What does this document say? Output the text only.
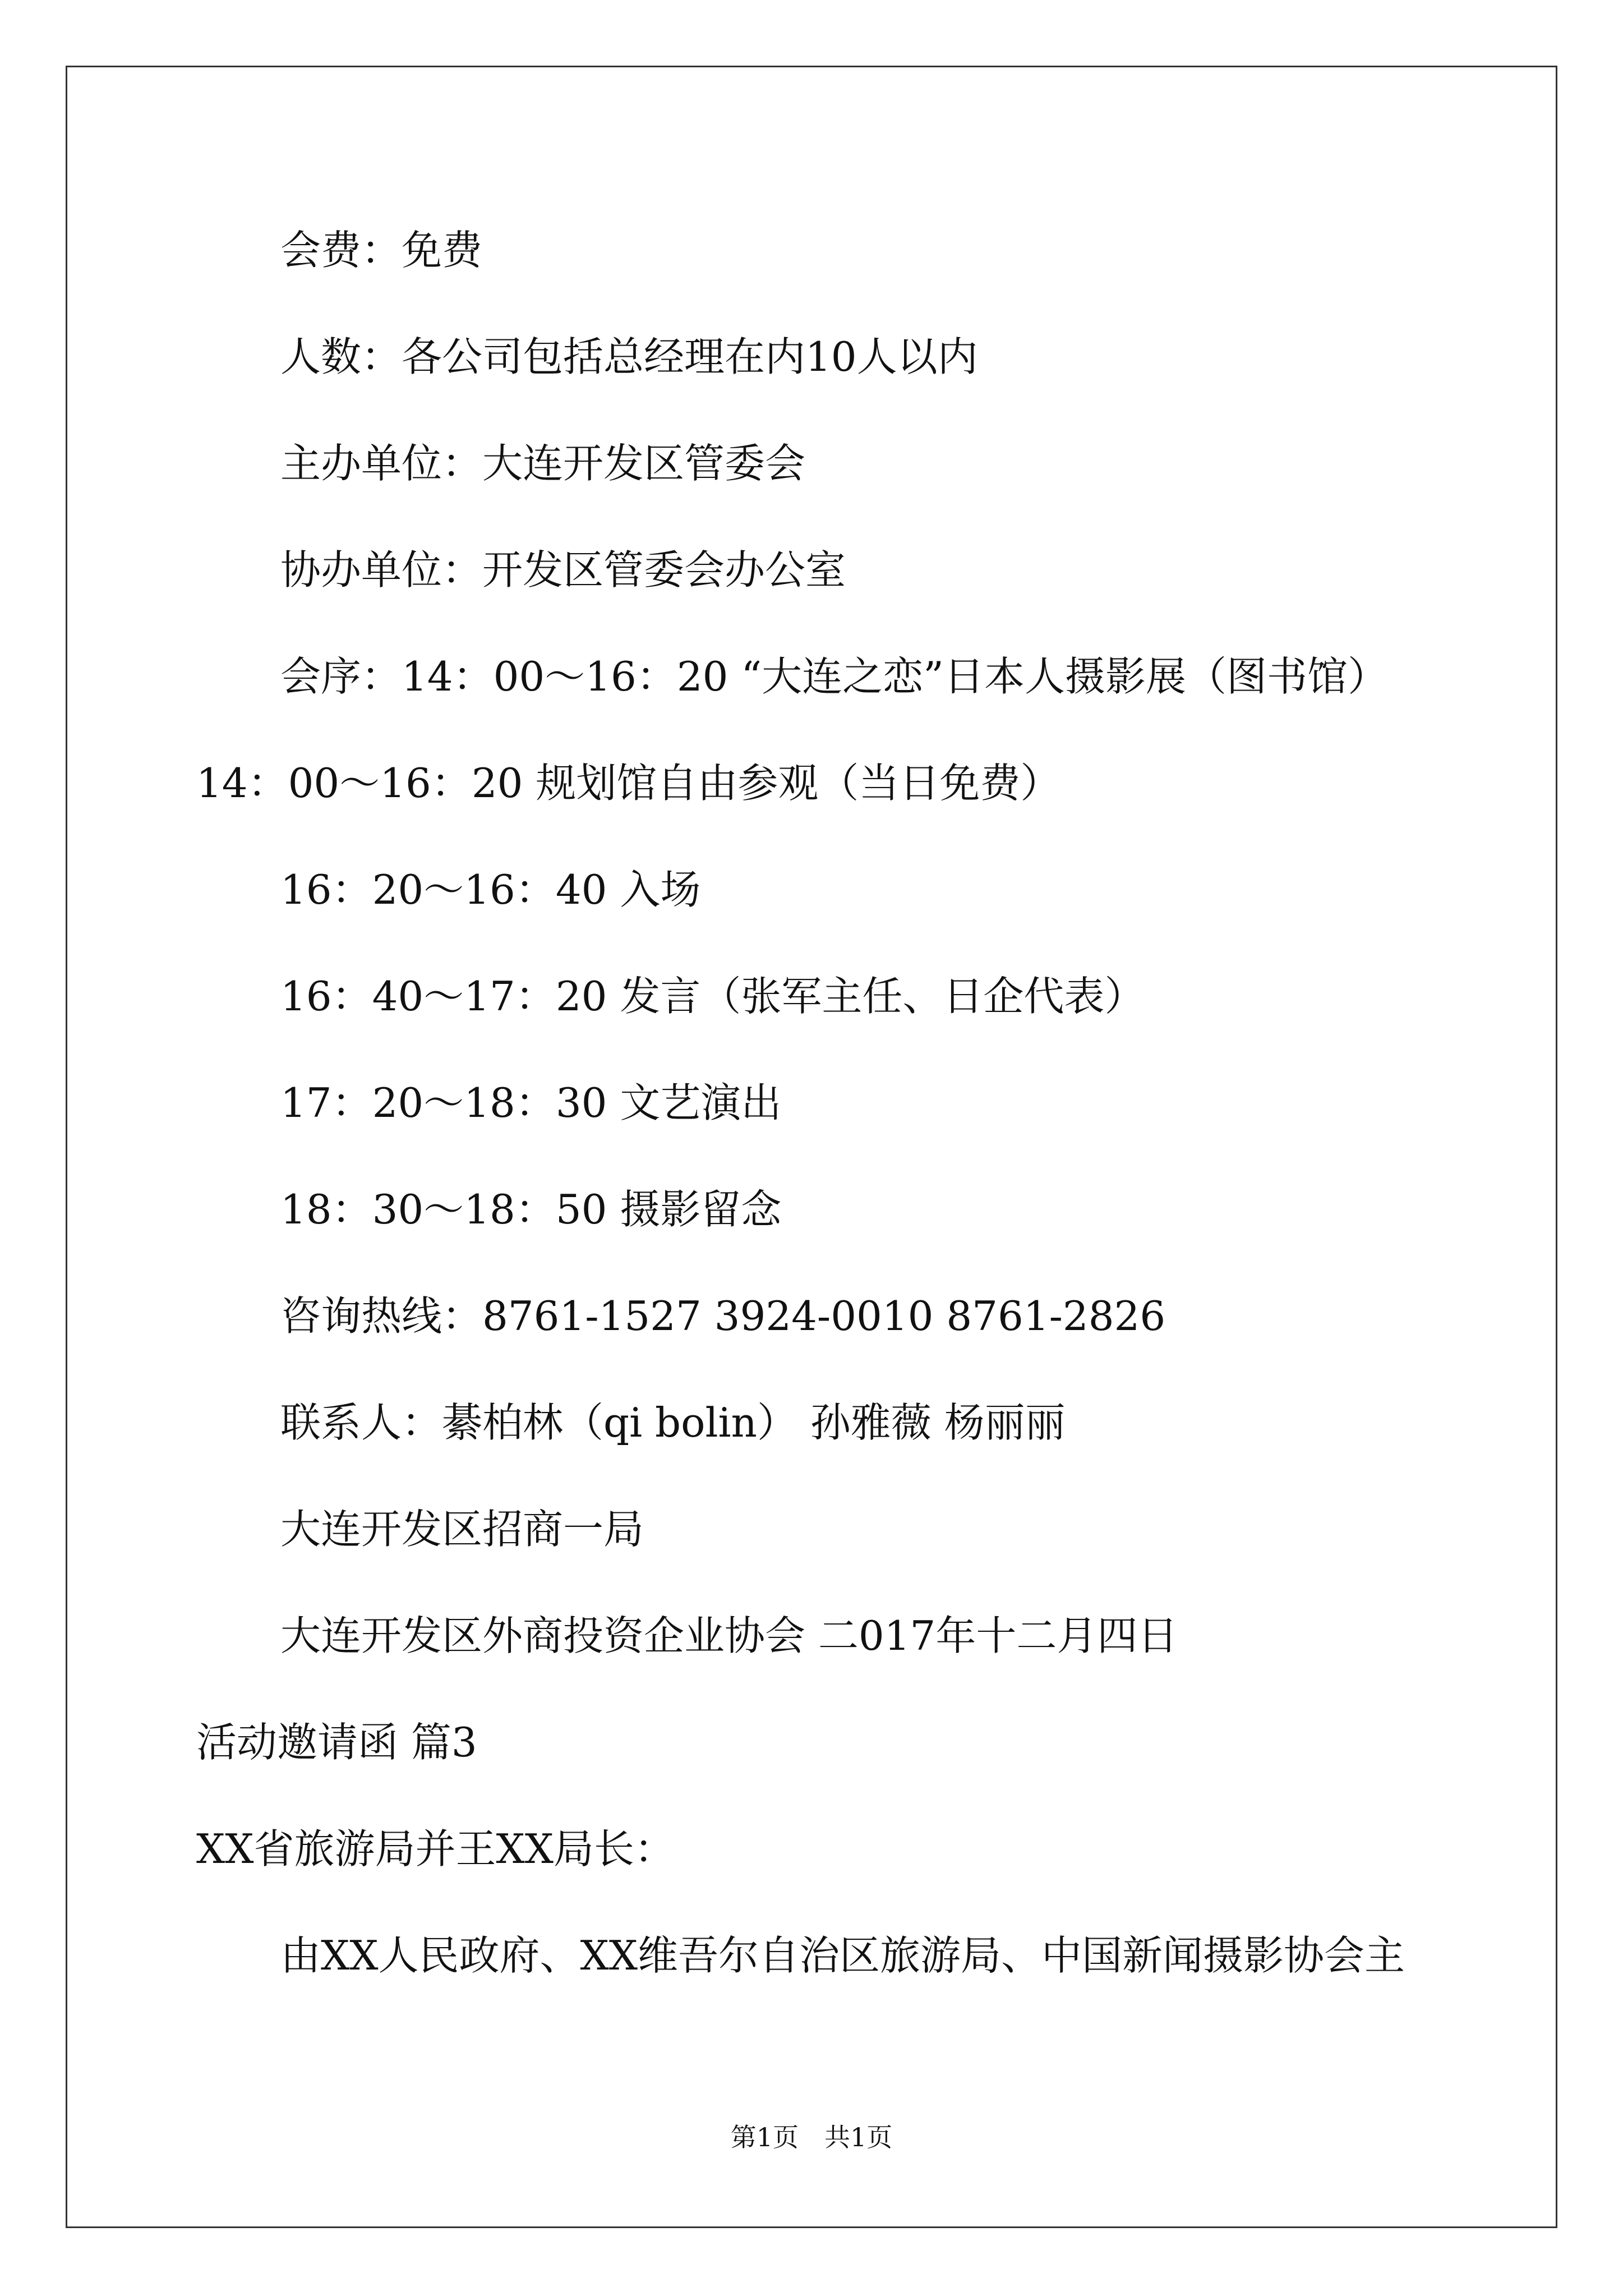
会费：免费

人数：各公司包括总经理在内10人以内

主办单位：大连开发区管委会

协办单位：开发区管委会办公室

会序：14：00～16：20 “大连之恋”日本人摄影展（图书馆）

14：00～16：20 规划馆自由参观（当日免费）

16：20～16：40 入场

16：40～17：20 发言（张军主任、日企代表）

17：20～18：30 文艺演出

18：30～18：50 摄影留念

咨询热线：8761-1527 3924-0010 8761-2826

联系人：綦柏林（qi bolin） 孙雅薇 杨丽丽

大连开发区招商一局

大连开发区外商投资企业协会 二017年十二月四日

活动邀请函 篇3

XX省旅游局并王XX局长：

由XX人民政府、XX维吾尔自治区旅游局、中国新闻摄影协会主

第1页　共1页
